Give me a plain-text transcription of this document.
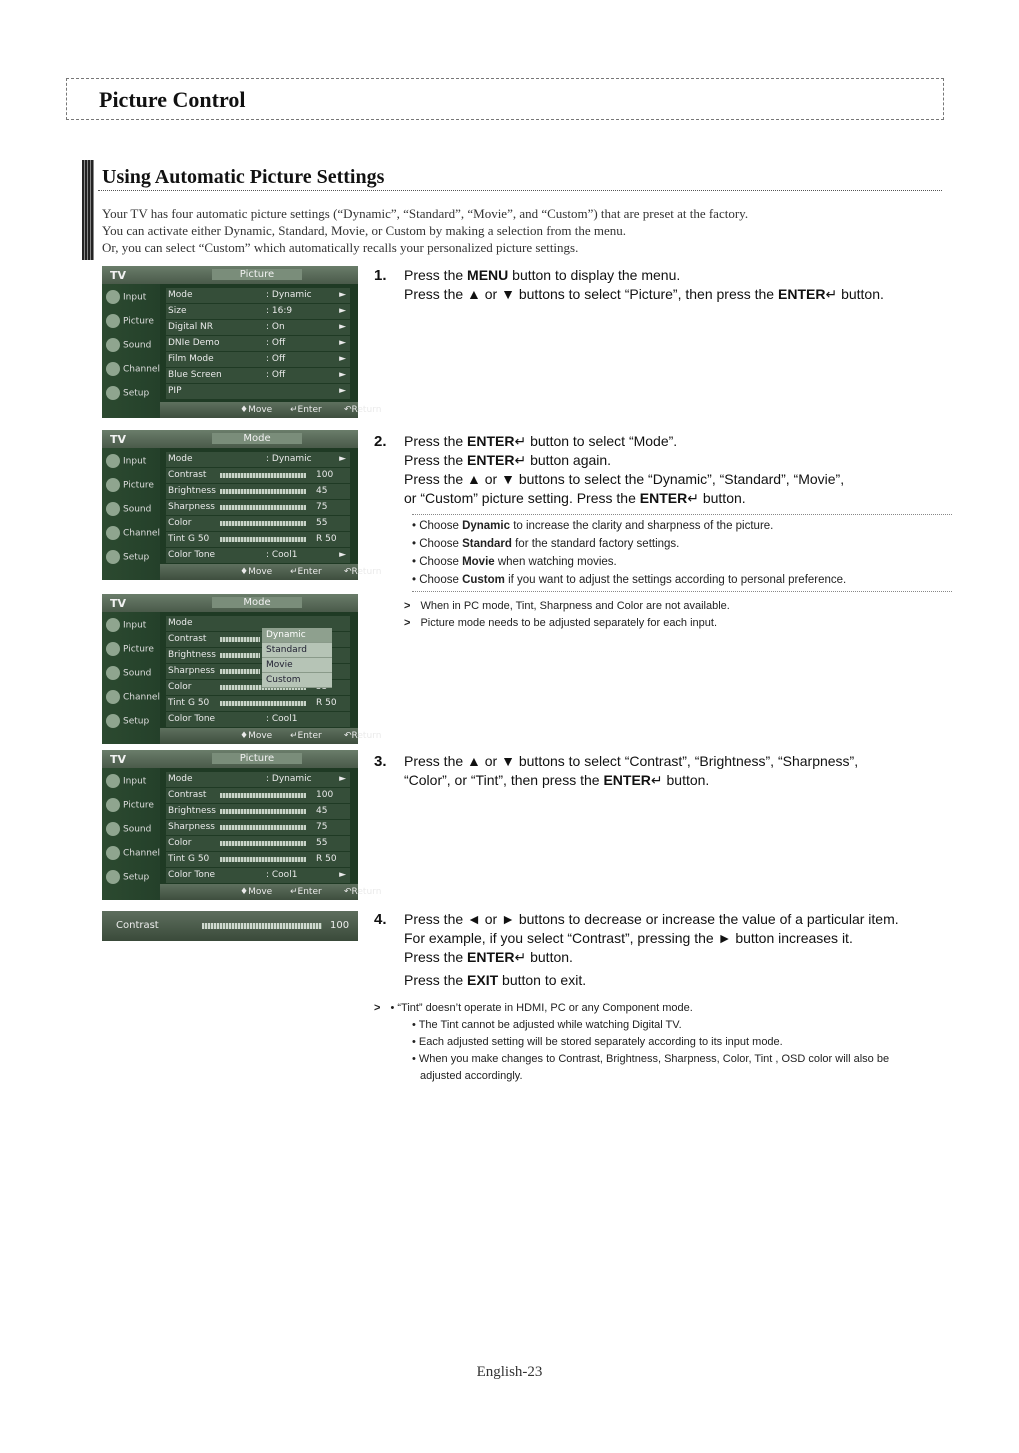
Picture Control
Using Automatic Picture Settings
Your TV has four automatic picture settings (“Dynamic”, “Standard”, “Movie”, and “Custom”) that are preset at the factory.
You can activate either Dynamic, Standard, Movie, or Custom by making a selection from the menu.
Or, you can select “Custom” which automatically recalls your personalized picture settings.
TV	Picture
Input
Picture
Sound
Channel
Setup
Mode	: Dynamic	►
Size	: 16:9	►
Digital NR	: On	►
DNIe Demo	: Off	►
Film Mode	: Off	►
Blue Screen	: Off	►
PIP	►
♦Move ↵Enter ↶Return
TV	Mode
Input
Picture
Sound
Channel
Setup
Mode	: Dynamic	►
Contrast	100
Brightness	45
Sharpness	75
Color	55
Tint G 50	R 50
Color Tone	: Cool1	►
♦Move ↵Enter ↶Return
TV	Mode
Input
Picture
Sound
Channel
Setup
Mode
Contrast
Brightness
Sharpness
Color
Tint G 50	R 50
Color Tone	: Cool1
Dynamic
Standard
Movie
Custom
♦Move ↵Enter ↶Return
TV	Picture
Input
Picture
Sound
Channel
Setup
Mode	: Dynamic	►
Contrast	100
Brightness	45
Sharpness	75
Color	55
Tint G 50	R 50
Color Tone	: Cool1	►
♦Move ↵Enter ↶Return
Contrast	100
1. Press the MENU button to display the menu.
Press the ▲ or ▼ buttons to select “Picture”, then press the ENTER↵ button.
2. Press the ENTER↵ button to select “Mode”.
Press the ENTER↵ button again.
Press the ▲ or ▼ buttons to select the “Dynamic”, “Standard”, “Movie”,
or “Custom” picture setting. Press the ENTER↵ button.
• Choose Dynamic to increase the clarity and sharpness of the picture.
• Choose Standard for the standard factory settings.
• Choose Movie when watching movies.
• Choose Custom if you want to adjust the settings according to personal preference.
> When in PC mode, Tint, Sharpness and Color are not available.
> Picture mode needs to be adjusted separately for each input.
3. Press the ▲ or ▼ buttons to select “Contrast”, “Brightness”, “Sharpness”,
“Color”, or “Tint”, then press the ENTER↵ button.
4. Press the ◄ or ► buttons to decrease or increase the value of a particular item.
For example, if you select “Contrast”, pressing the ► button increases it.
Press the ENTER↵ button.
Press the EXIT button to exit.
> • “Tint” doesn’t operate in HDMI, PC or any Component mode.
• The Tint cannot be adjusted while watching Digital TV.
• Each adjusted setting will be stored separately according to its input mode.
• When you make changes to Contrast, Brightness, Sharpness, Color, Tint , OSD color will also be
adjusted accordingly.
English-23
